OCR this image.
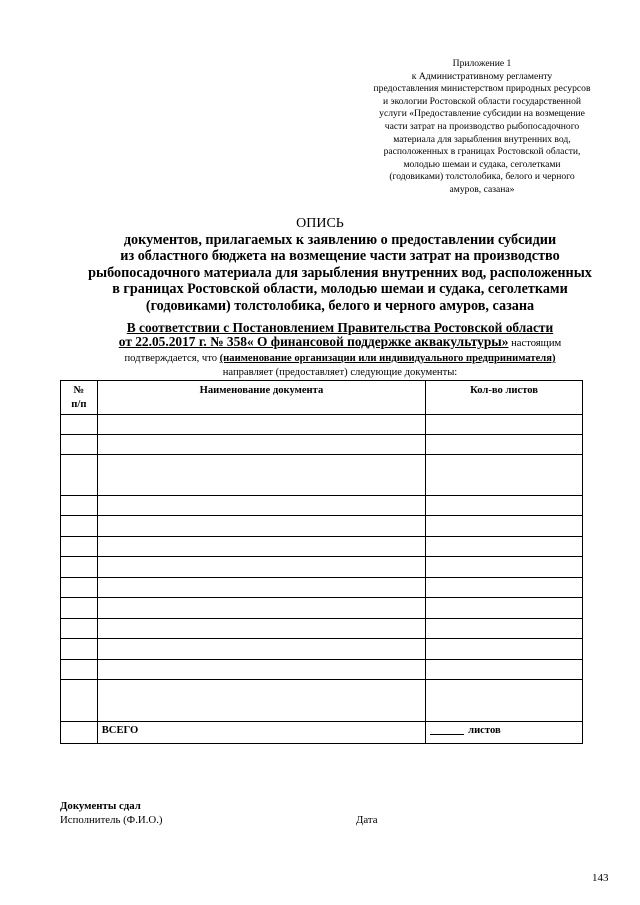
Приложение 1
к Административному регламенту
предоставления министерством природных ресурсов
и экологии Ростовской области государственной
услуги «Предоставление субсидии на возмещение
части затрат на производство рыбопосадочного
материала для зарыбления внутренних вод,
расположенных в границах Ростовской области,
молодью шемаи и судака, сеголетками
(годовиками) толстолобика, белого и черного
амуров, сазана»
ОПИСЬ
документов, прилагаемых к заявлению о предоставлении субсидии
из областного бюджета на возмещение части затрат на производство
рыбопосадочного материала для зарыбления внутренних вод, расположенных
в границах Ростовской области, молодью шемаи и судака, сеголетками
(годовиками) толстолобика, белого и черного амуров, сазана
В соответствии с Постановлением Правительства Ростовской области
от 22.05.2017 г. № 358« О финансовой поддержке аквакультуры» настоящим
подтверждается, что (наименование организации или индивидуального предпринимателя)
направляет (предоставляет) следующие документы:
№
п/п	Наименование документа	Кол-во листов

	ВСЕГО	листов
Документы сдал
Исполнитель (Ф.И.О.)	Дата
143
